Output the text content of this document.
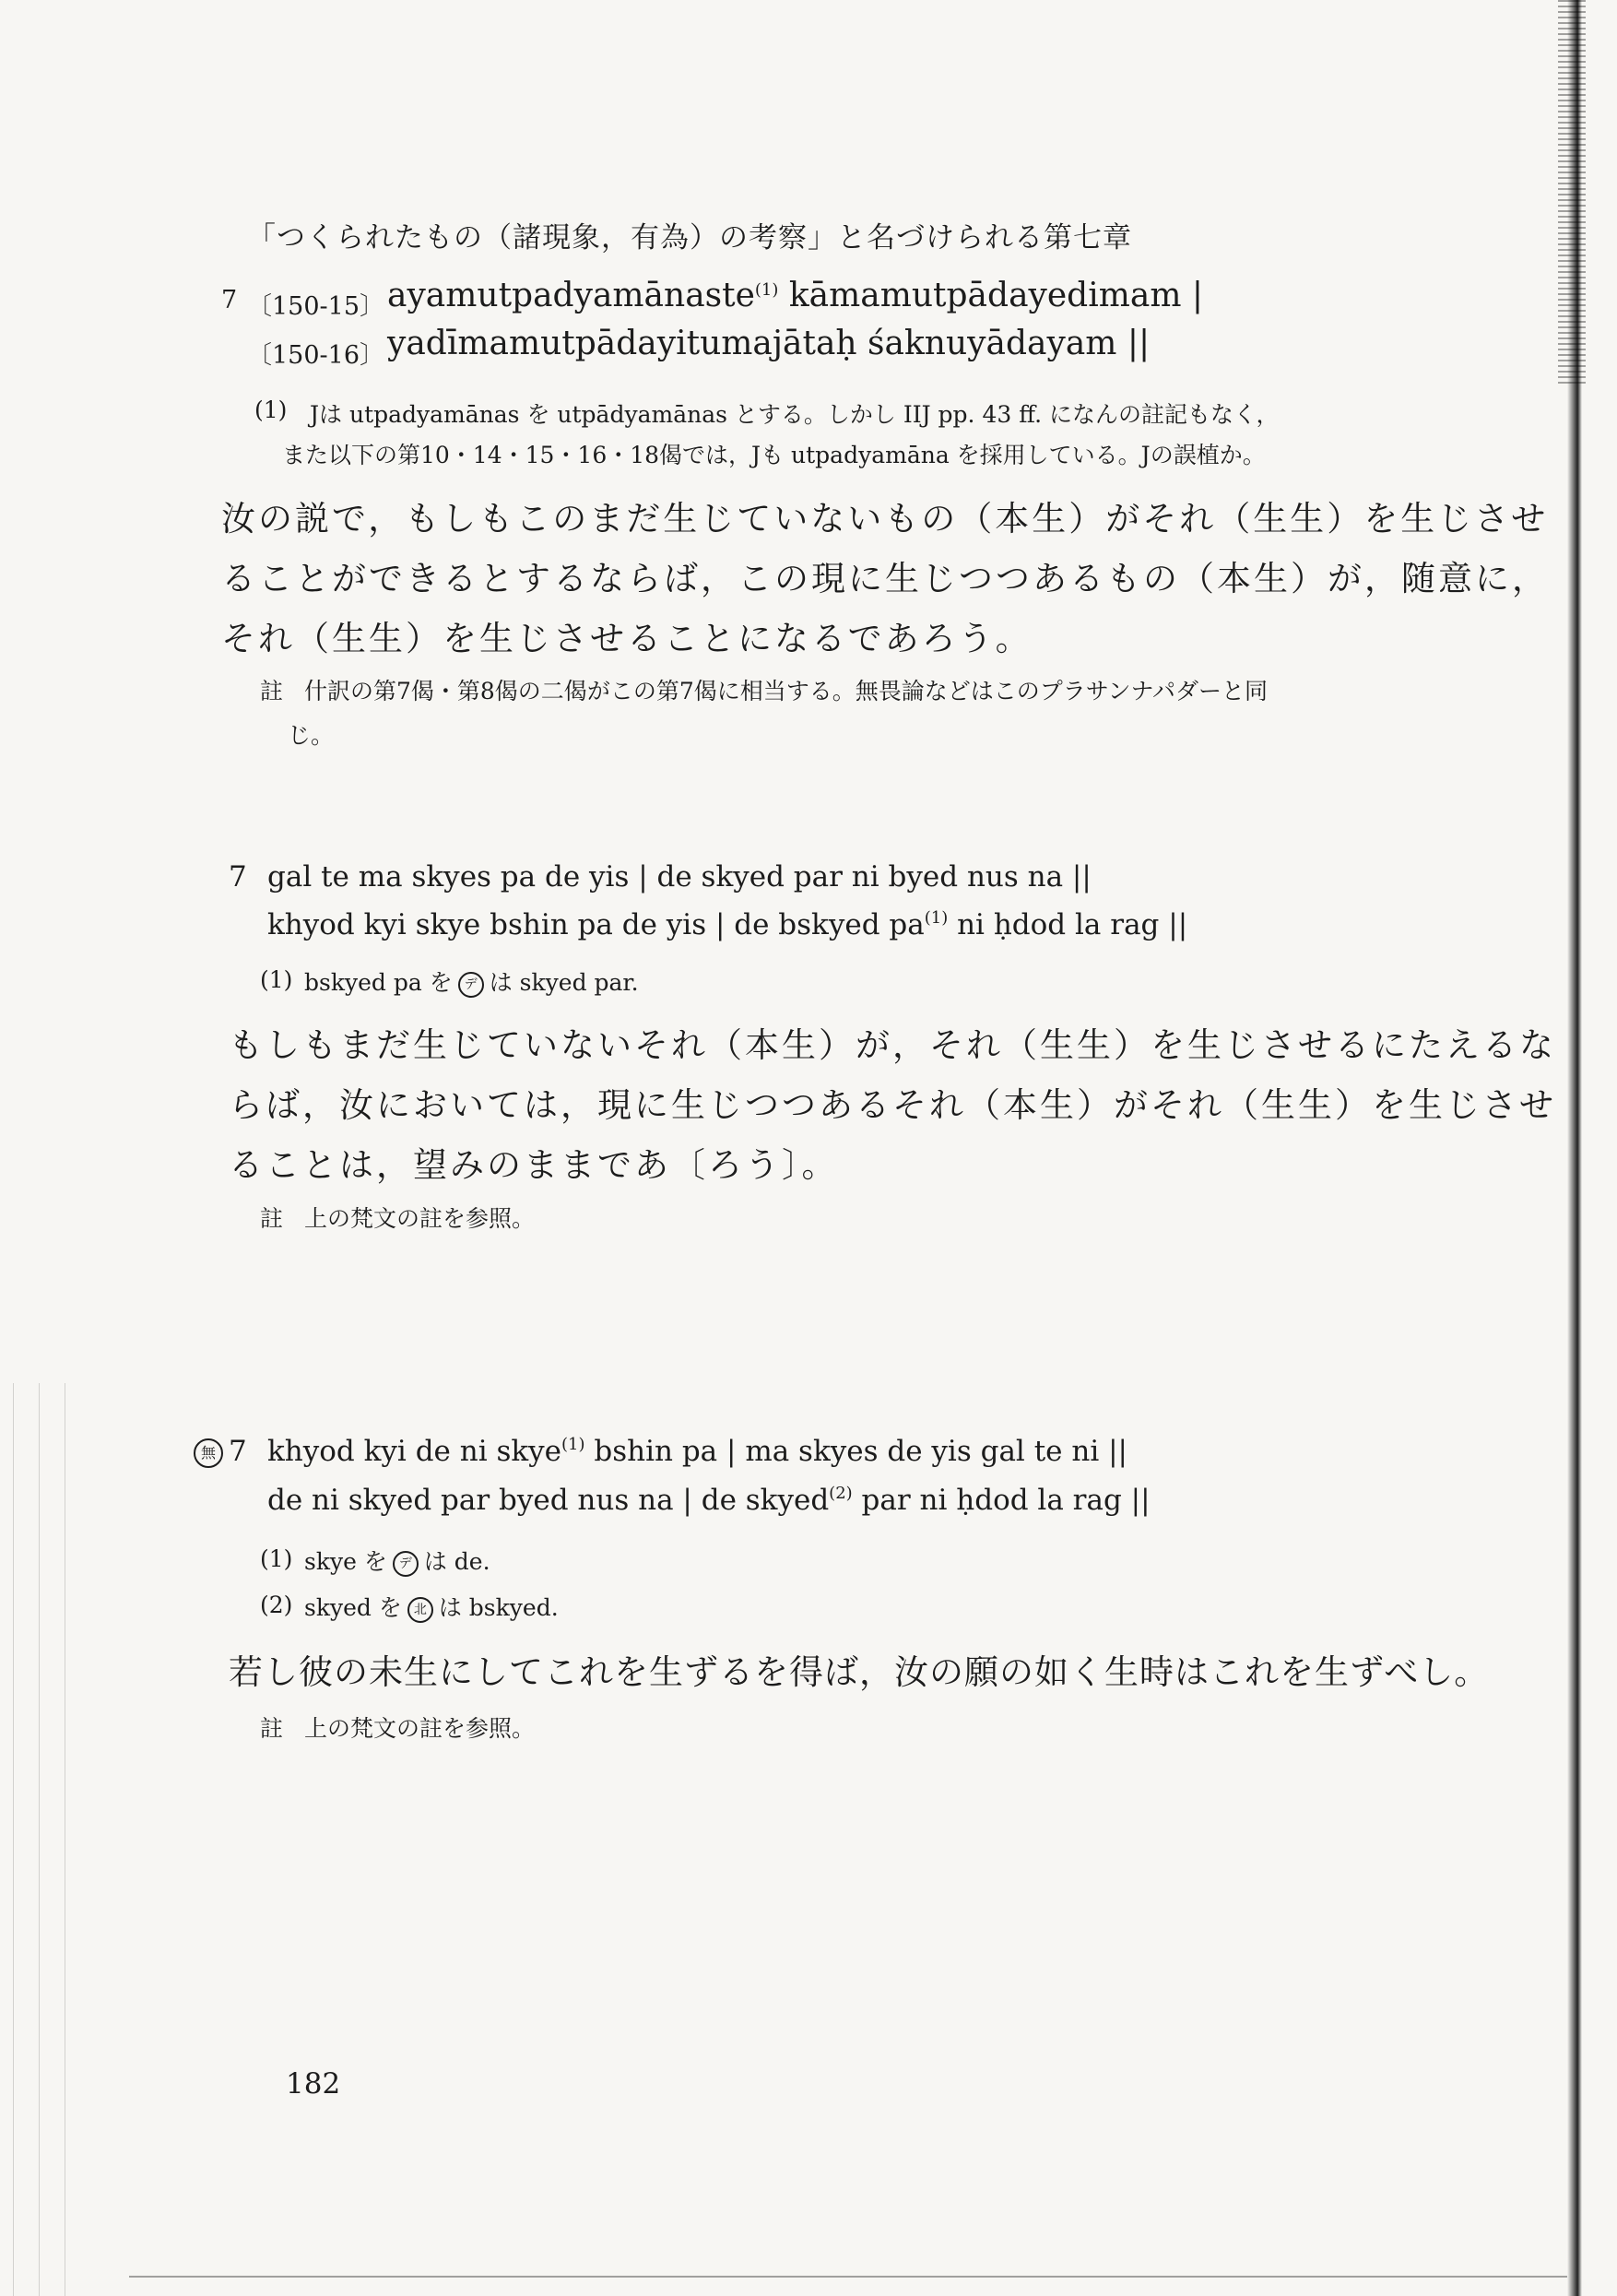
「つくられたもの（諸現象，有為）の考察」と名づけられる第七章

7 〔150-15〕 ayamutpadyamānaste$^{(1)}$ kāmamutpādayedimam |

〔150-16〕 yadīmamutpādayitumajātaḥ śaknuyādayam ||

(1) Jは utpadyamānas を utpādyamānas とする。しかし IIJ pp. 43 ff. になんの註記もなく，

また以下の第10・14・15・16・18偈では，Jも utpadyamāna を採用している。Jの誤植か。

汝の説で，もしもこのまだ生じていないもの（本生）がそれ（生生）を生じさせ

ることができるとするならば，この現に生じつつあるもの（本生）が，随意に，

それ（生生）を生じさせることになるであろう。

註 什訳の第7偈・第8偈の二偈がこの第7偈に相当する。無畏論などはこのプラサンナパダーと同

じ。

7 gal te ma skyes pa de yis | de skyed par ni byed nus na ||

khyod kyi skye bshin pa de yis | de bskyed $pa^{(1)}$ ni ḥdod la rag ||

(1) bskyed pa を デ は skyed par.

もしもまだ生じていないそれ（本生）が，それ（生生）を生じさせるにたえるな

らば，汝においては，現に生じつつあるそれ（本生）がそれ（生生）を生じさせ

ることは，望みのままであ〔ろう〕。

註 上の梵文の註を参照。

無 7 khyod kyi de ni skye$^{(1)}$ bshin pa | ma skyes de yis gal te ni ||

de ni skyed par byed nus na | de skyed$^{(2)}$ par ni ḥdod la rag ||

(1) skye を デ は de.

(2) skyed を 北 は bskyed.

若し彼の未生にしてこれを生ずるを得ば，汝の願の如く生時はこれを生ずべし。

註 上の梵文の註を参照。

182
